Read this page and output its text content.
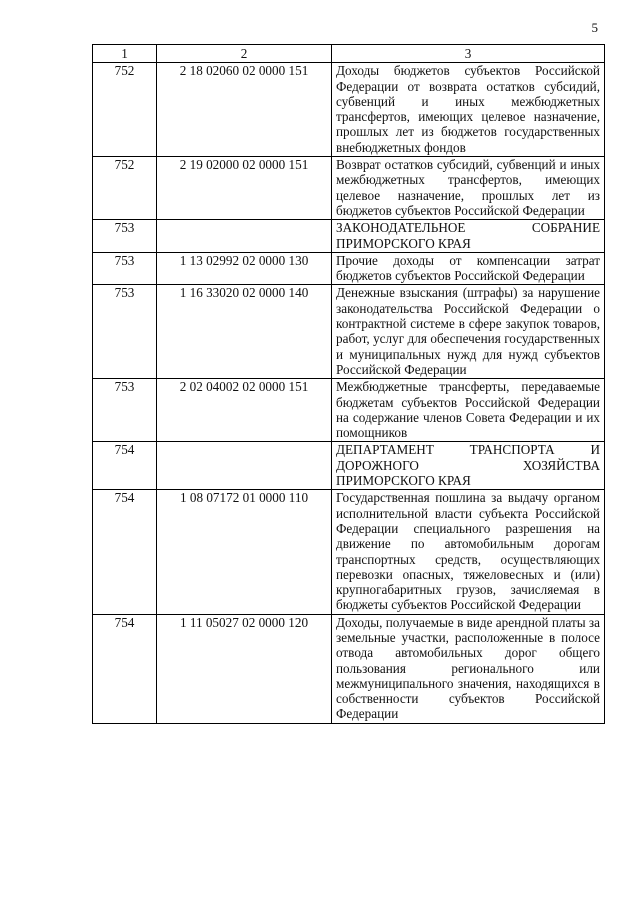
5
1	2	3
752	2 18 02060 02 0000 151	Доходы бюджетов субъектов Российской Федерации от возврата остатков субсидий, субвенций и иных межбюджетных трансфертов, имеющих целевое назначение, прошлых лет из бюджетов государственных внебюджетных фондов
752	2 19 02000 02 0000 151	Возврат остатков субсидий, субвенций и иных межбюджетных трансфертов, имеющих целевое назначение, прошлых лет из бюджетов субъектов Российской Федерации
753		ЗАКОНОДАТЕЛЬНОЕ СОБРАНИЕ ПРИМОРСКОГО КРАЯ
753	1 13 02992 02 0000 130	Прочие доходы от компенсации затрат бюджетов субъектов Российской Федерации
753	1 16 33020 02 0000 140	Денежные взыскания (штрафы) за нарушение законодательства Российской Федерации о контрактной системе в сфере закупок товаров, работ, услуг для обеспечения государственных и муниципальных нужд для нужд субъектов Российской Федерации
753	2 02 04002 02 0000 151	Межбюджетные трансферты, передаваемые бюджетам субъектов Российской Федерации на содержание членов Совета Федерации и их помощников
754		ДЕПАРТАМЕНТ ТРАНСПОРТА И ДОРОЖНОГО ХОЗЯЙСТВА ПРИМОРСКОГО КРАЯ
754	1 08 07172 01 0000 110	Государственная пошлина за выдачу органом исполнительной власти субъекта Российской Федерации специального разрешения на движение по автомобильным дорогам транспортных средств, осуществляющих перевозки опасных, тяжеловесных и (или) крупногабаритных грузов, зачисляемая в бюджеты субъектов Российской Федерации
754	1 11 05027 02 0000 120	Доходы, получаемые в виде арендной платы за земельные участки, расположенные в полосе отвода автомобильных дорог общего пользования регионального или межмуниципального значения, находящихся в собственности субъектов Российской Федерации
